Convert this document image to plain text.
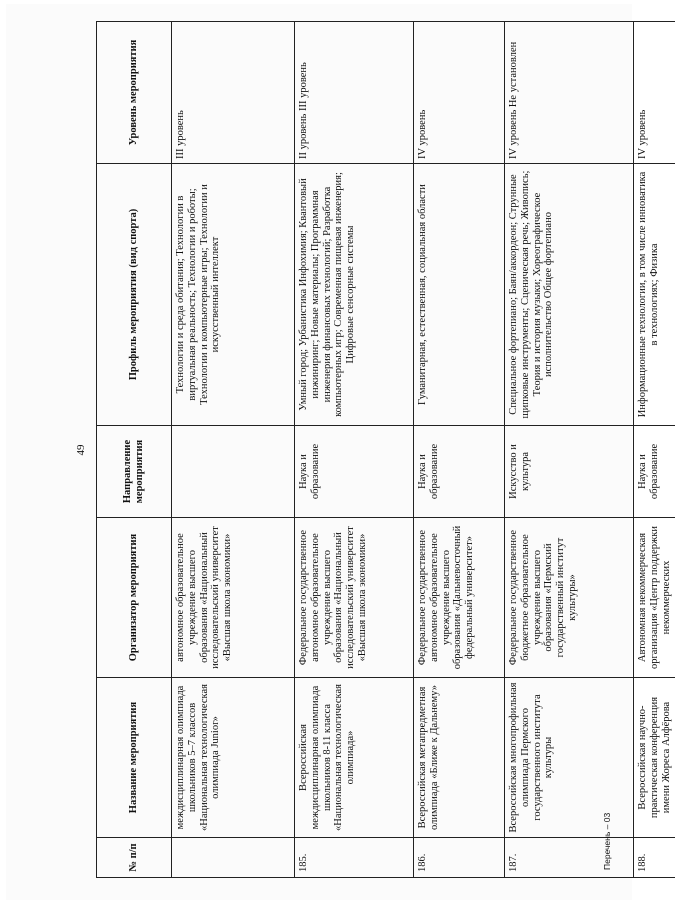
49
№ п/п	Название мероприятия	Организатор мероприятия	Направление мероприятия	Профиль мероприятия (вид спорта)	Уровень мероприятия
	междисциплинарная олимпиада школьников 5–7 классов «Национальная технологическая олимпиада Junior»	автономное образовательное учреждение высшего образования «Национальный исследовательский университет «Высшая школа экономики»		Технологии и среда обитания; Технологии в виртуальная реальность; Технологии и роботы; Технологии и компьютерные игры; Технологии и искусственный интеллект	III уровень
185.	Всероссийская междисциплинарная олимпиада школьников 8-11 класса «Национальная технологическая олимпиада»	Федеральное государственное автономное образовательное учреждение высшего образования «Национальный исследовательский университет «Высшая школа экономики»	Наука и образование	Умный город; Урбанистика Инфохимия; Квантовый инжиниринг; Новые материалы; Программная инженерия финансовых технологий; Разработка компьютерных игр; Современная пищевая инженерия; Цифровые сенсорные системы	II уровень III уровень
186.	Всероссийская метапредметная олимпиада «Ближе к Дальнему»	Федеральное государственное автономное образовательное учреждение высшего образования «Дальневосточный федеральный университет»	Наука и образование	Гуманитарная, естественная, социальная области	IV уровень
187.	Всероссийская многопрофильная олимпиада Пермского государственного института культуры	Федеральное государственное бюджетное образовательное учреждение высшего образования «Пермский государственный институт культуры»	Искусство и культура	Специальное фортепиано; Баян/аккордеон; Струнные щипковые инструменты; Сценическая речь; Живопись; Теория и история музыки; Хореографическое исполнительство Общее фортепиано	IV уровень Не установлен
188.	Всероссийская научно-практическая конференция имени Жореса Алфёрова	Автономная некоммерческая организация «Центр поддержки некоммерческих	Наука и образование	Информационные технологии, в том числе инноватика в технологиях; Физика	IV уровень
Перечень – 03
